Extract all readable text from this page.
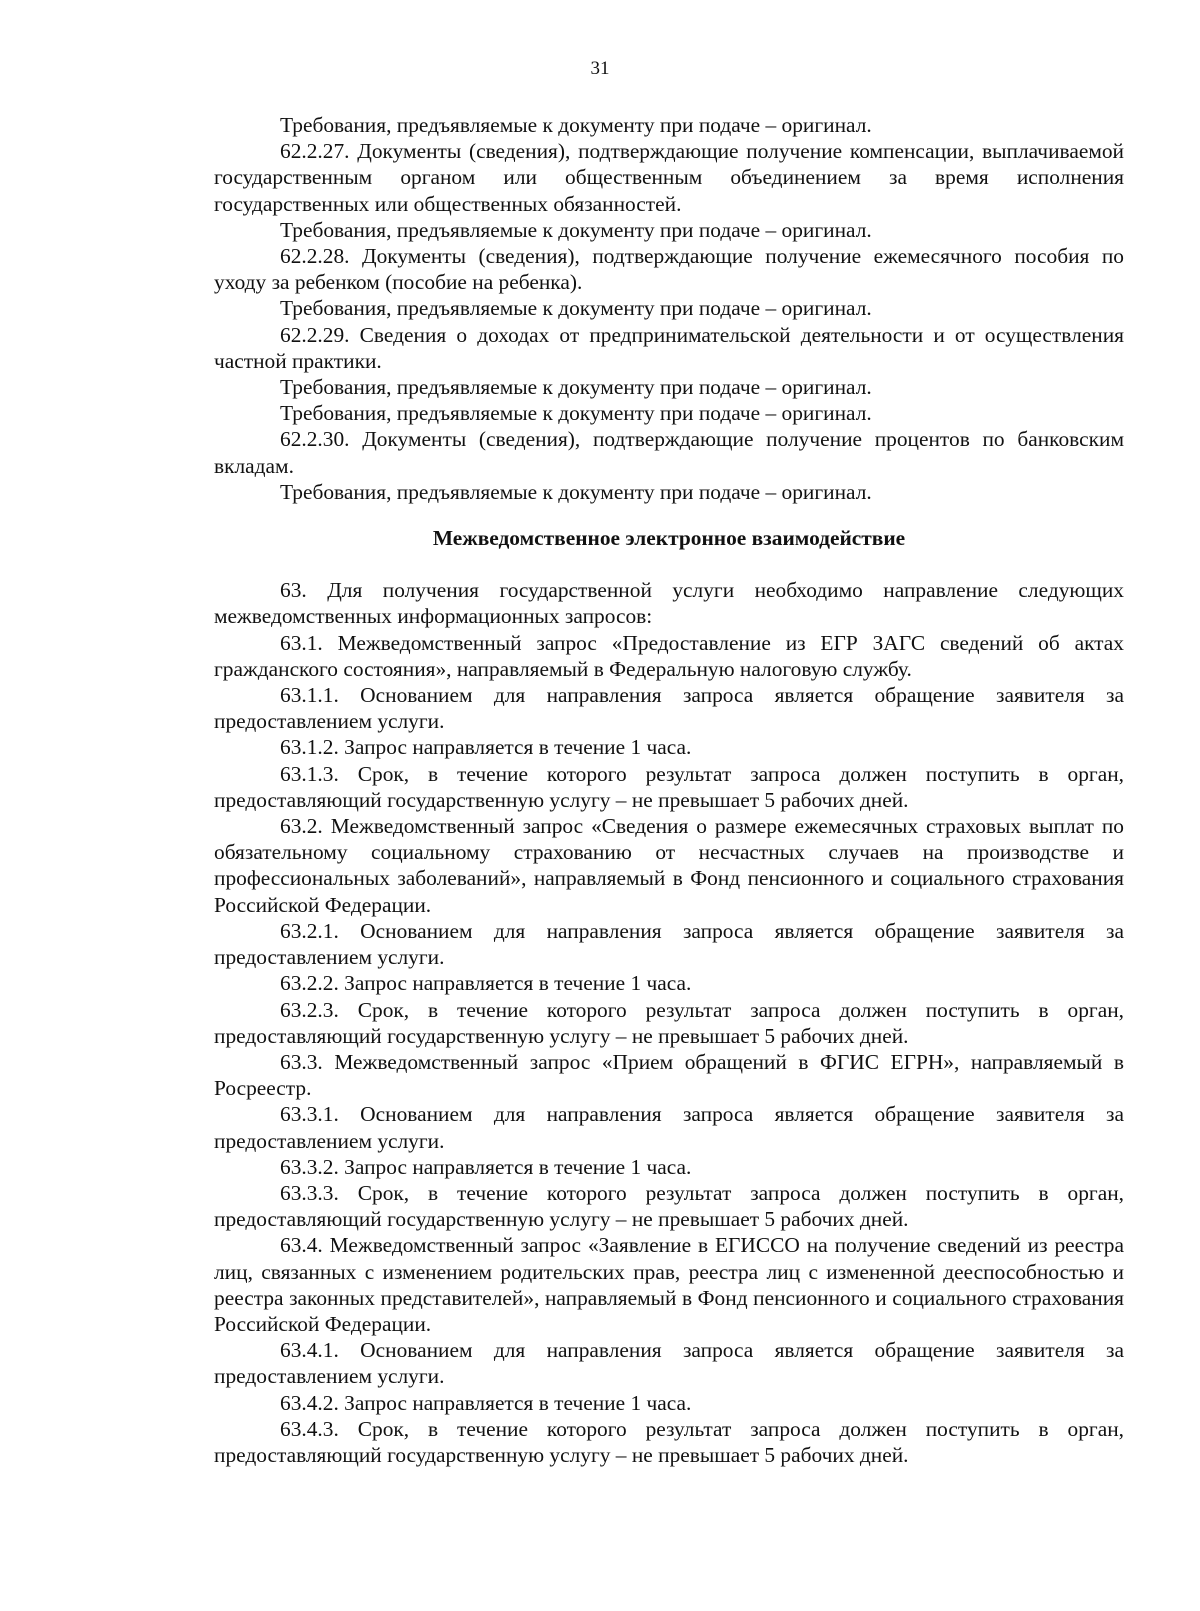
31

Требования, предъявляемые к документу при подаче – оригинал.

62.2.27. Документы (сведения), подтверждающие получение компенсации, выплачиваемой государственным органом или общественным объединением за время исполнения государственных или общественных обязанностей.

Требования, предъявляемые к документу при подаче – оригинал.

62.2.28. Документы (сведения), подтверждающие получение ежемесячного пособия по уходу за ребенком (пособие на ребенка).

Требования, предъявляемые к документу при подаче – оригинал.

62.2.29. Сведения о доходах от предпринимательской деятельности и от осуществления частной практики.

Требования, предъявляемые к документу при подаче – оригинал.

Требования, предъявляемые к документу при подаче – оригинал.

62.2.30. Документы (сведения), подтверждающие получение процентов по банковским вкладам.

Требования, предъявляемые к документу при подаче – оригинал.

Межведомственное электронное взаимодействие

63. Для получения государственной услуги необходимо направление следующих межведомственных информационных запросов:

63.1. Межведомственный запрос «Предоставление из ЕГР ЗАГС сведений об актах гражданского состояния», направляемый в Федеральную налоговую службу.

63.1.1. Основанием для направления запроса является обращение заявителя за предоставлением услуги.

63.1.2. Запрос направляется в течение 1 часа.

63.1.3. Срок, в течение которого результат запроса должен поступить в орган, предоставляющий государственную услугу – не превышает 5 рабочих дней.

63.2. Межведомственный запрос «Сведения о размере ежемесячных страховых выплат по обязательному социальному страхованию от несчастных случаев на производстве и профессиональных заболеваний», направляемый в Фонд пенсионного и социального страхования Российской Федерации.

63.2.1. Основанием для направления запроса является обращение заявителя за предоставлением услуги.

63.2.2. Запрос направляется в течение 1 часа.

63.2.3. Срок, в течение которого результат запроса должен поступить в орган, предоставляющий государственную услугу – не превышает 5 рабочих дней.

63.3. Межведомственный запрос «Прием обращений в ФГИС ЕГРН», направляемый в Росреестр.

63.3.1. Основанием для направления запроса является обращение заявителя за предоставлением услуги.

63.3.2. Запрос направляется в течение 1 часа.

63.3.3. Срок, в течение которого результат запроса должен поступить в орган, предоставляющий государственную услугу – не превышает 5 рабочих дней.

63.4. Межведомственный запрос «Заявление в ЕГИССО на получение сведений из реестра лиц, связанных с изменением родительских прав, реестра лиц с измененной дееспособностью и реестра законных представителей», направляемый в Фонд пенсионного и социального страхования Российской Федерации.

63.4.1. Основанием для направления запроса является обращение заявителя за предоставлением услуги.

63.4.2. Запрос направляется в течение 1 часа.

63.4.3. Срок, в течение которого результат запроса должен поступить в орган, предоставляющий государственную услугу – не превышает 5 рабочих дней.
